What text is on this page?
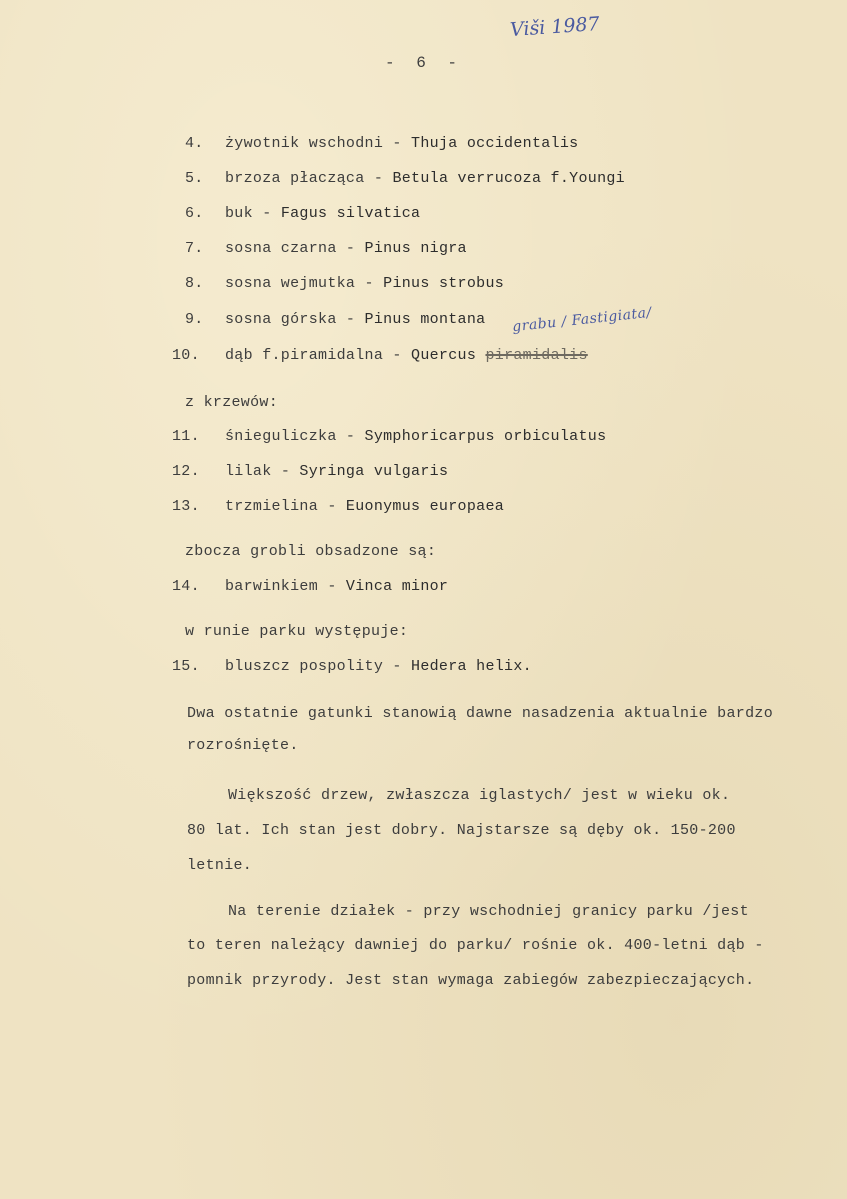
Viši 1987
- 6 -
4. żywotnik wschodni - Thuja occidentalis
5. brzoza płacząca - Betula verrucoza f.Youngi
6. buk - Fagus silvatica
7. sosna czarna - Pinus nigra
8. sosna wejmutka - Pinus strobus
9. sosna górska - Pinus montana grabu / Fastigiata/
10. dąb f.piramidalna - Quercus piramidalis
z krzewów:
11. śnieguliczka - Symphoricarpus orbiculatus
12. lilak - Syringa vulgaris
13. trzmielina - Euonymus europaea
zbocza grobli obsadzone są:
14. barwinkiem - Vinca minor
w runie parku występuje:
15. bluszcz pospolity - Hedera helix.
Dwa ostatnie gatunki stanowią dawne nasadzenia aktualnie bardzo
rozrośnięte.
Większość drzew, zwłaszcza iglastych/ jest w wieku ok.
80 lat. Ich stan jest dobry. Najstarsze są dęby ok. 150-200
letnie.
Na terenie działek - przy wschodniej granicy parku /jest
to teren należący dawniej do parku/ rośnie ok. 400-letni dąb -
pomnik przyrody. Jest stan wymaga zabiegów zabezpieczających.
